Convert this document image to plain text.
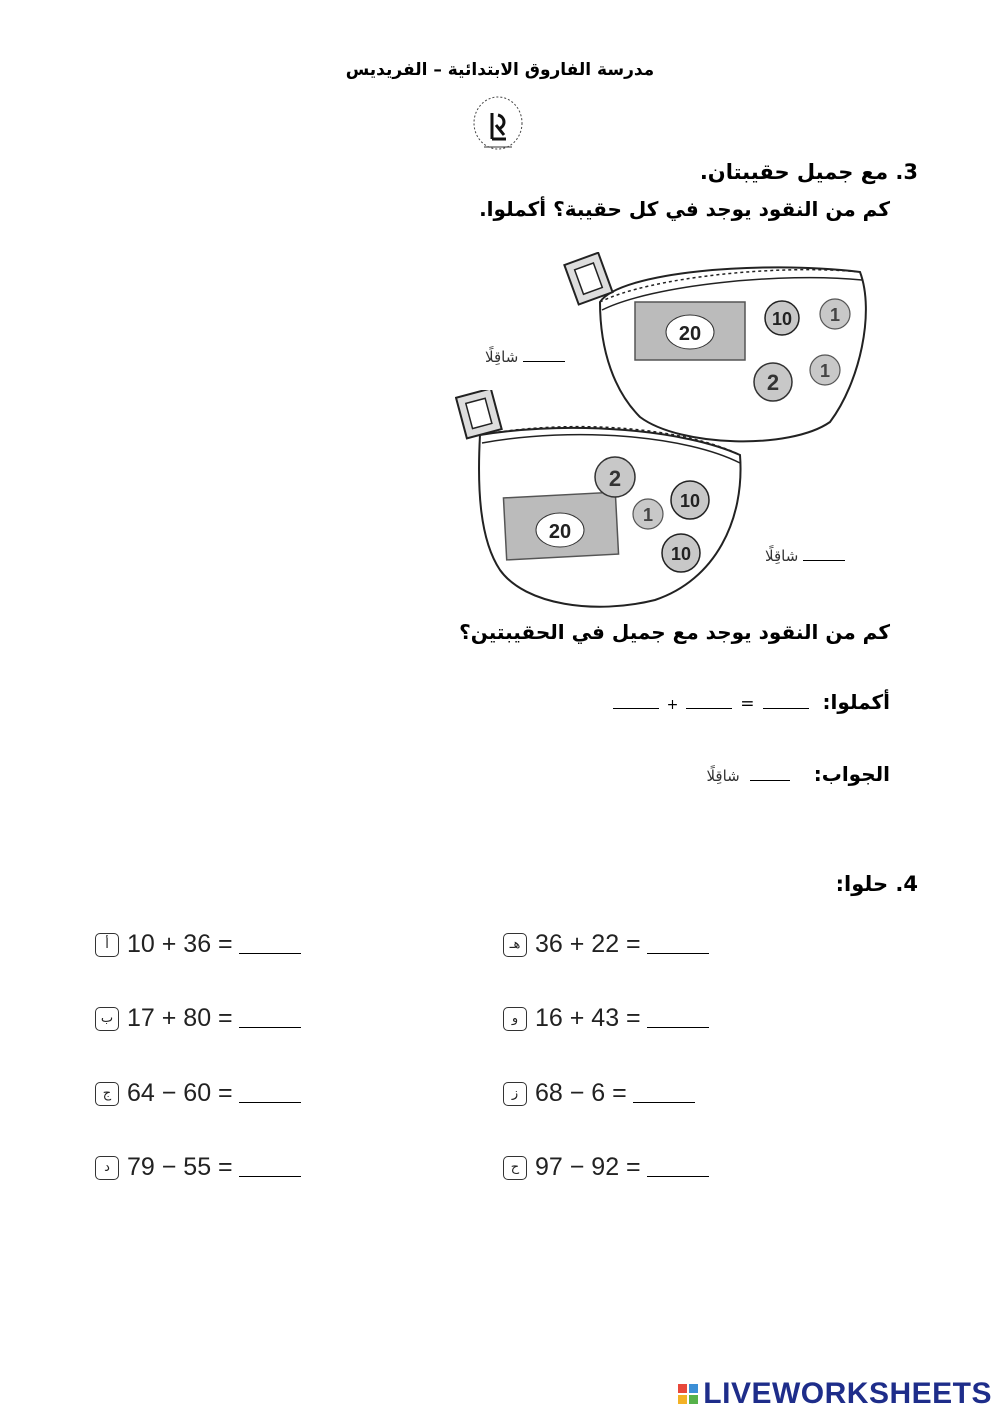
مدرسة الفاروق الابتدائية – الفريديس
3. مع جميل حقيبتان.
كم من النقود يوجد في كل حقيبة؟ أكملوا.
20
10 1
2 1
شاقِلًا
20
2
1
10
10	شاقِلًا
كم من النقود يوجد مع جميل في الحقيبتين؟
أكملوا:
=
+
الجواب:
شاقِلًا
4. حلوا:
أ 10 + 36 =
ب 17 + 80 =
ج 64 − 60 =
د 79 − 55 =
هـ 36 + 22 =
و 16 + 43 =
ز 68 − 6 =
ح 97 − 92 =
LIVEWORKSHEETS
